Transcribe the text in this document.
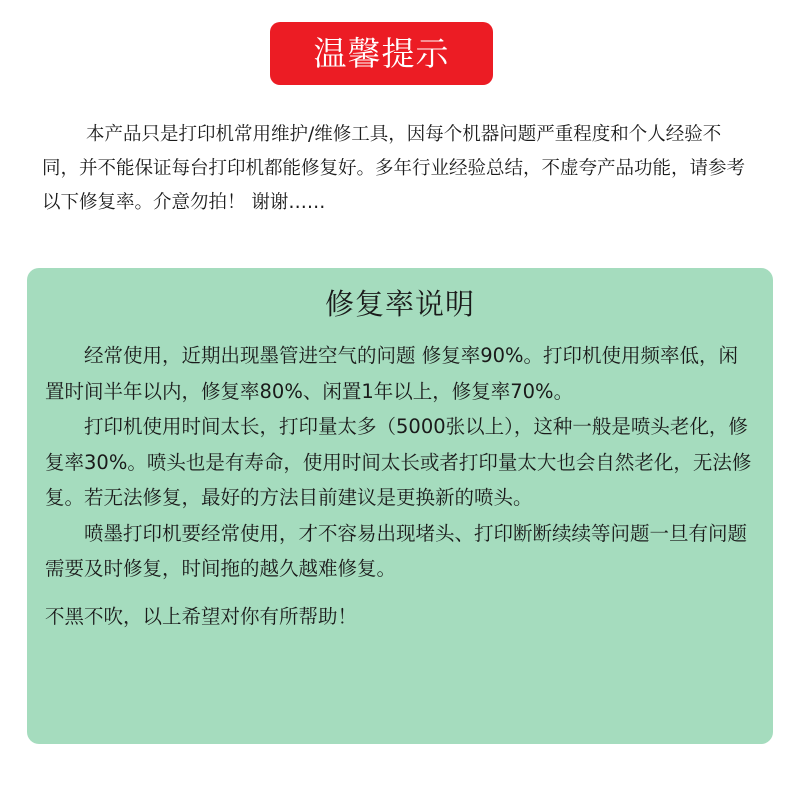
温馨提示

本产品只是打印机常用维护/维修工具，因每个机器问题严重程度和个人经验不同，并不能保证每台打印机都能修复好。多年行业经验总结，不虚夸产品功能，请参考以下修复率。介意勿拍！ 谢谢……

修复率说明

经常使用，近期出现墨管进空气的问题 修复率90%。打印机使用频率低，闲置时间半年以内，修复率80%、闲置1年以上，修复率70%。

打印机使用时间太长，打印量太多（5000张以上），这种一般是喷头老化，修复率30%。喷头也是有寿命，使用时间太长或者打印量太大也会自然老化，无法修复。若无法修复，最好的方法目前建议是更换新的喷头。

喷墨打印机要经常使用，才不容易出现堵头、打印断断续续等问题一旦有问题需要及时修复，时间拖的越久越难修复。

不黑不吹，以上希望对你有所帮助！
